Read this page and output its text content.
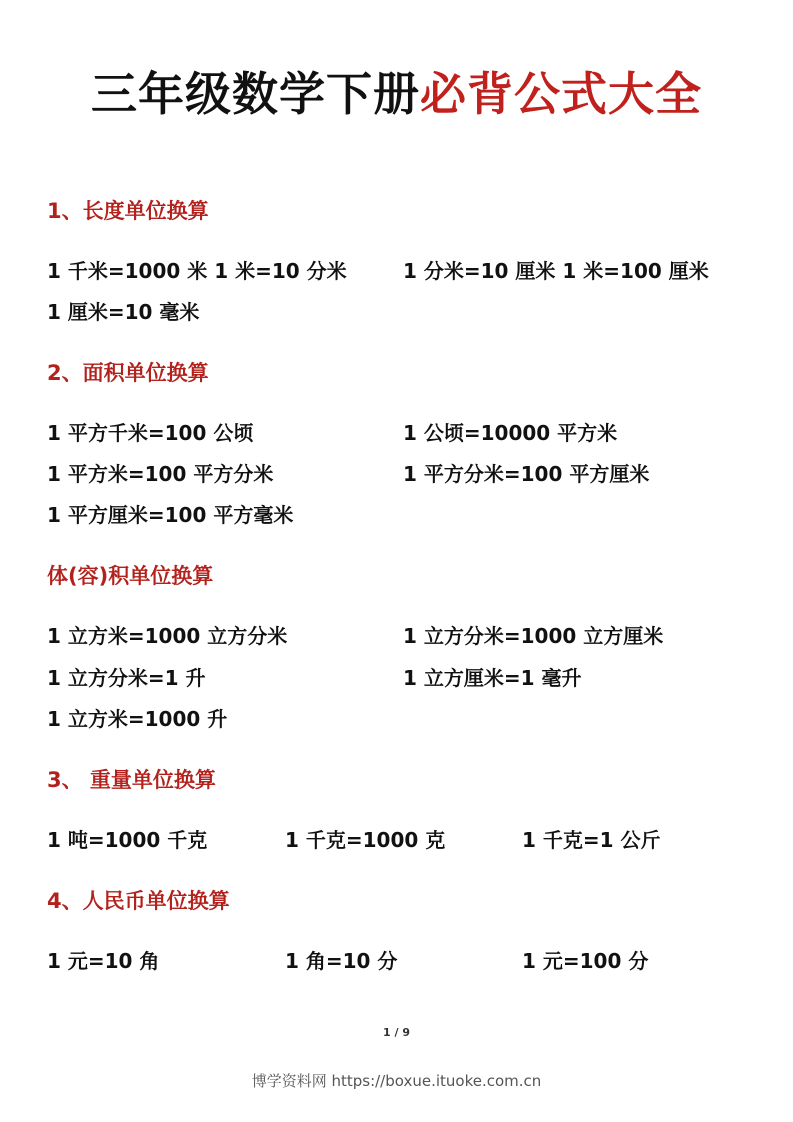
三年级数学下册必背公式大全
1、长度单位换算
1 千米=1000 米 1 米=10 分米	1 分米=10 厘米 1 米=100 厘米
1 厘米=10 毫米
2、面积单位换算
1 平方千米=100 公顷	1 公顷=10000 平方米
1 平方米=100 平方分米	1 平方分米=100 平方厘米
1 平方厘米=100 平方毫米
体(容)积单位换算
1 立方米=1000 立方分米	1 立方分米=1000 立方厘米
1 立方分米=1 升	1 立方厘米=1 毫升
1 立方米=1000 升
3、 重量单位换算
1 吨=1000 千克	1 千克=1000 克	1 千克=1 公斤
4、人民币单位换算
1 元=10 角	1 角=10 分	1 元=100 分
1 / 9
博学资料网 https://boxue.ituoke.com.cn
